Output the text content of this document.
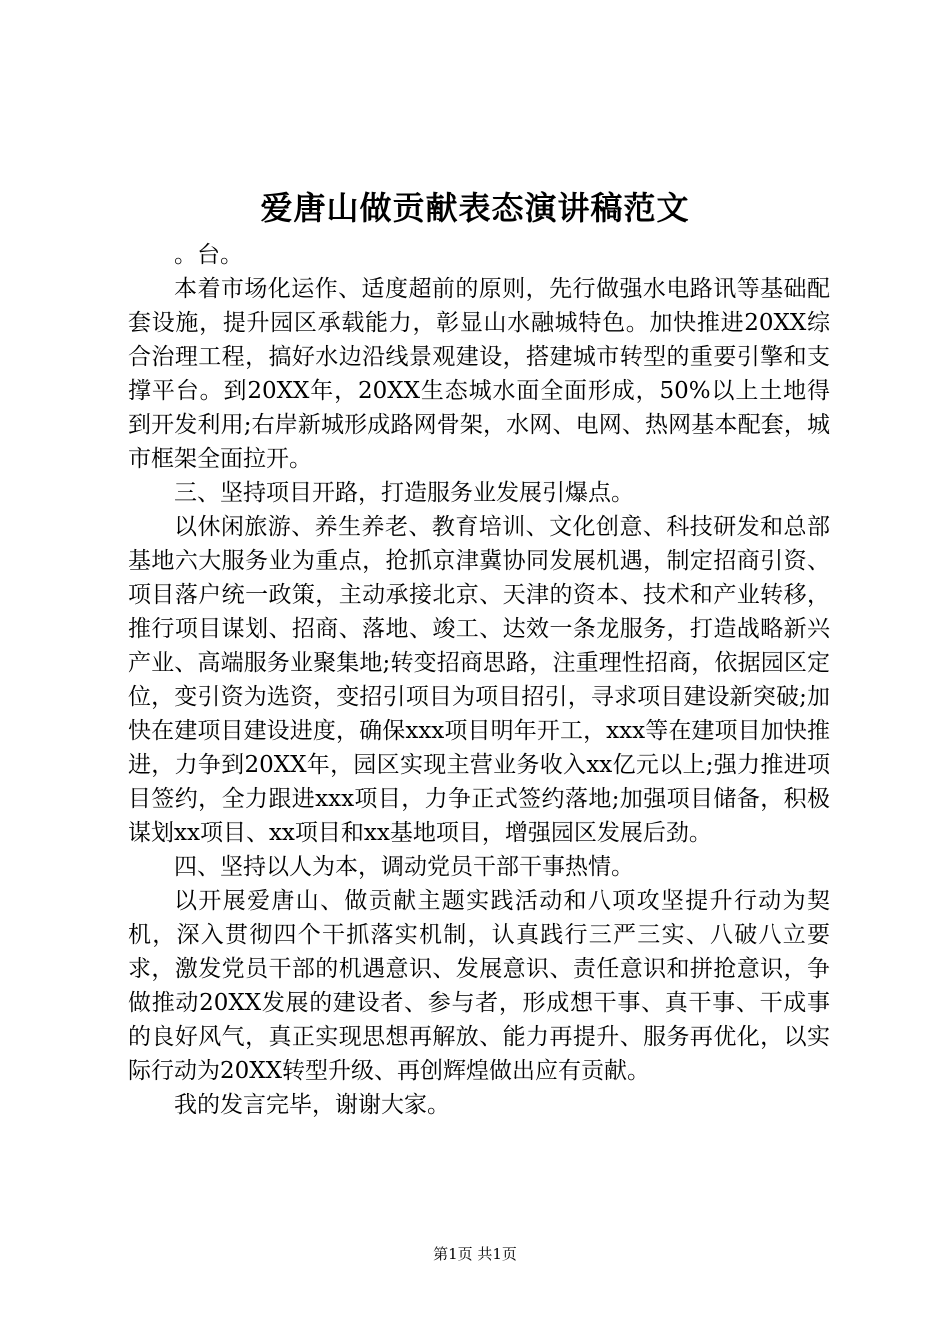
爱唐山做贡献表态演讲稿范文

。台。

本着市场化运作、适度超前的原则，先行做强水电路讯等基础配套设施，提升园区承载能力，彰显山水融城特色。加快推进20XX综合治理工程，搞好水边沿线景观建设，搭建城市转型的重要引擎和支撑平台。到20XX年，20XX生态城水面全面形成，50%以上土地得到开发利用;右岸新城形成路网骨架，水网、电网、热网基本配套，城市框架全面拉开。

三、坚持项目开路，打造服务业发展引爆点。

以休闲旅游、养生养老、教育培训、文化创意、科技研发和总部基地六大服务业为重点，抢抓京津冀协同发展机遇，制定招商引资、项目落户统一政策，主动承接北京、天津的资本、技术和产业转移，推行项目谋划、招商、落地、竣工、达效一条龙服务，打造战略新兴产业、高端服务业聚集地;转变招商思路，注重理性招商，依据园区定位，变引资为选资，变招引项目为项目招引，寻求项目建设新突破;加快在建项目建设进度，确保xxx项目明年开工，xxx等在建项目加快推进，力争到20XX年，园区实现主营业务收入xx亿元以上;强力推进项目签约，全力跟进xxx项目，力争正式签约落地;加强项目储备，积极谋划xx项目、xx项目和xx基地项目，增强园区发展后劲。

四、坚持以人为本，调动党员干部干事热情。

以开展爱唐山、做贡献主题实践活动和八项攻坚提升行动为契机，深入贯彻四个干抓落实机制，认真践行三严三实、八破八立要求，激发党员干部的机遇意识、发展意识、责任意识和拼抢意识，争做推动20XX发展的建设者、参与者，形成想干事、真干事、干成事的良好风气，真正实现思想再解放、能力再提升、服务再优化，以实际行动为20XX转型升级、再创辉煌做出应有贡献。

我的发言完毕，谢谢大家。

第1页 共1页
